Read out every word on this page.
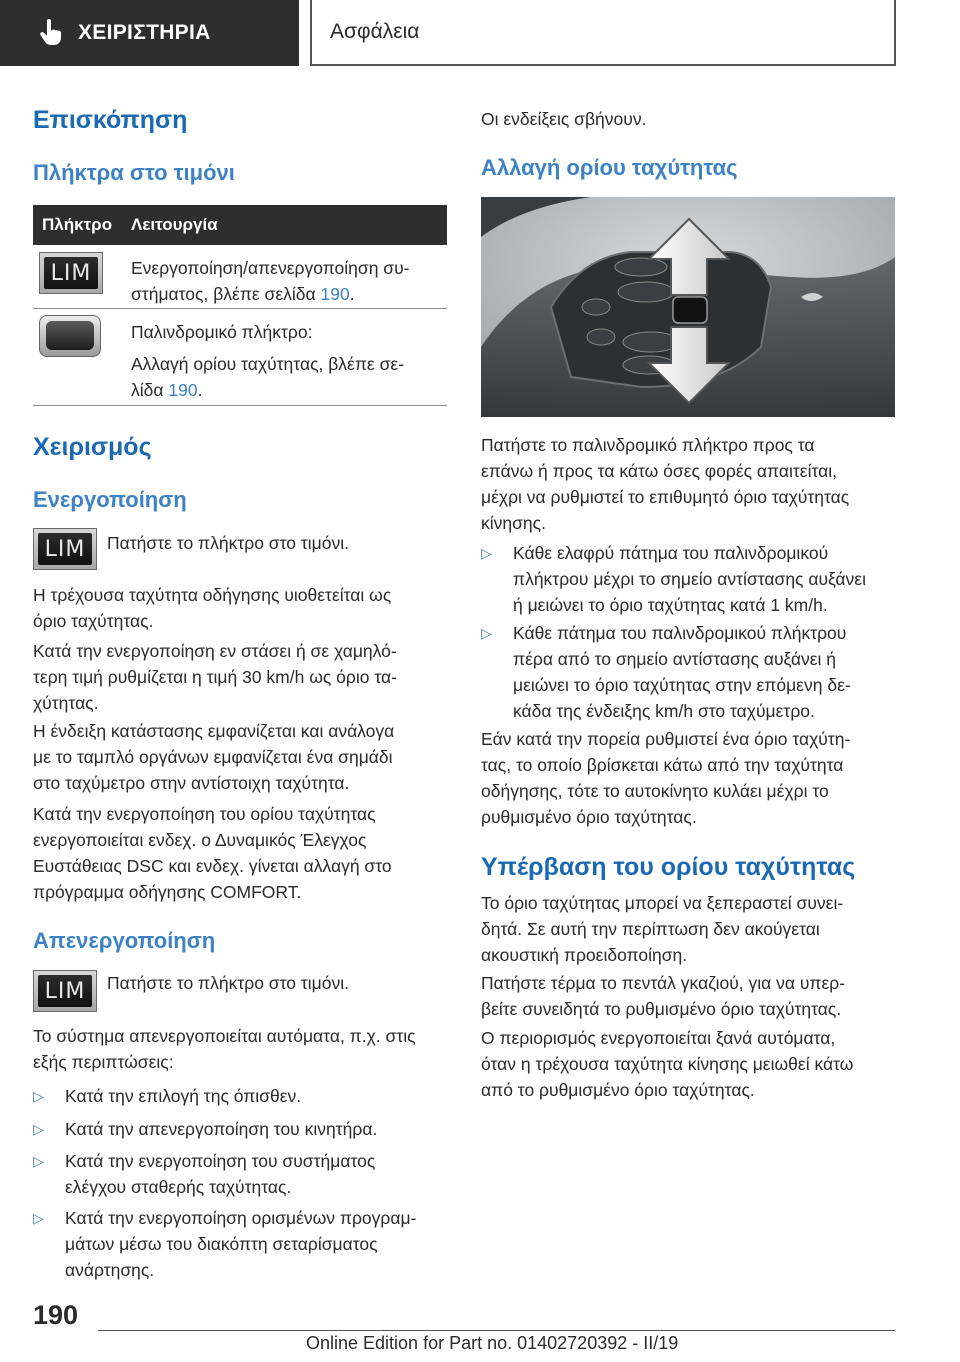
ΧΕΙΡΙΣΤΗΡΙΑ	Ασφάλεια
Επισκόπηση
Πλήκτρα στο τιμόνι
Πλήκτρο Λειτουργία
LIM Ενεργοποίηση/απενεργοποίηση συ-
στήματος, βλέπε σελίδα 190.
Παλινδρομικό πλήκτρο:
Αλλαγή ορίου ταχύτητας, βλέπε σε-
λίδα 190.
Χειρισμός
Ενεργοποίηση
LIM Πατήστε το πλήκτρο στο τιμόνι.
Η τρέχουσα ταχύτητα οδήγησης υιοθετείται ως
όριο ταχύτητας.
Κατά την ενεργοποίηση εν στάσει ή σε χαμηλό-
τερη τιμή ρυθμίζεται η τιμή 30 km/h ως όριο τα-
χύτητας.
Η ένδειξη κατάστασης εμφανίζεται και ανάλογα
με το ταμπλό οργάνων εμφανίζεται ένα σημάδι
στο ταχύμετρο στην αντίστοιχη ταχύτητα.
Κατά την ενεργοποίηση του ορίου ταχύτητας
ενεργοποιείται ενδεχ. ο Δυναμικός Έλεγχος
Ευστάθειας DSC και ενδεχ. γίνεται αλλαγή στο
πρόγραμμα οδήγησης COMFORT.
Απενεργοποίηση
LIM Πατήστε το πλήκτρο στο τιμόνι.
Το σύστημα απενεργοποιείται αυτόματα, π.χ. στις
εξής περιπτώσεις:
▷ Κατά την επιλογή της όπισθεν.
▷ Κατά την απενεργοποίηση του κινητήρα.
▷ Κατά την ενεργοποίηση του συστήματος
ελέγχου σταθερής ταχύτητας.
▷ Κατά την ενεργοποίηση ορισμένων προγραμ-
μάτων μέσω του διακόπτη σεταρίσματος
ανάρτησης.
Οι ενδείξεις σβήνουν.
Αλλαγή ορίου ταχύτητας
Πατήστε το παλινδρομικό πλήκτρο προς τα
επάνω ή προς τα κάτω όσες φορές απαιτείται,
μέχρι να ρυθμιστεί το επιθυμητό όριο ταχύτητας
κίνησης.
▷ Κάθε ελαφρύ πάτημα του παλινδρομικού
πλήκτρου μέχρι το σημείο αντίστασης αυξάνει
ή μειώνει το όριο ταχύτητας κατά 1 km/h.
▷ Κάθε πάτημα του παλινδρομικού πλήκτρου
πέρα από το σημείο αντίστασης αυξάνει ή
μειώνει το όριο ταχύτητας στην επόμενη δε-
κάδα της ένδειξης km/h στο ταχύμετρο.
Εάν κατά την πορεία ρυθμιστεί ένα όριο ταχύτη-
τας, το οποίο βρίσκεται κάτω από την ταχύτητα
οδήγησης, τότε το αυτοκίνητο κυλάει μέχρι το
ρυθμισμένο όριο ταχύτητας.
Υπέρβαση του ορίου ταχύτητας
Το όριο ταχύτητας μπορεί να ξεπεραστεί συνει-
δητά. Σε αυτή την περίπτωση δεν ακούγεται
ακουστική προειδοποίηση.
Πατήστε τέρμα το πεντάλ γκαζιού, για να υπερ-
βείτε συνειδητά το ρυθμισμένο όριο ταχύτητας.
Ο περιορισμός ενεργοποιείται ξανά αυτόματα,
όταν η τρέχουσα ταχύτητα κίνησης μειωθεί κάτω
από το ρυθμισμένο όριο ταχύτητας.
190
Online Edition for Part no. 01402720392 - II/19
